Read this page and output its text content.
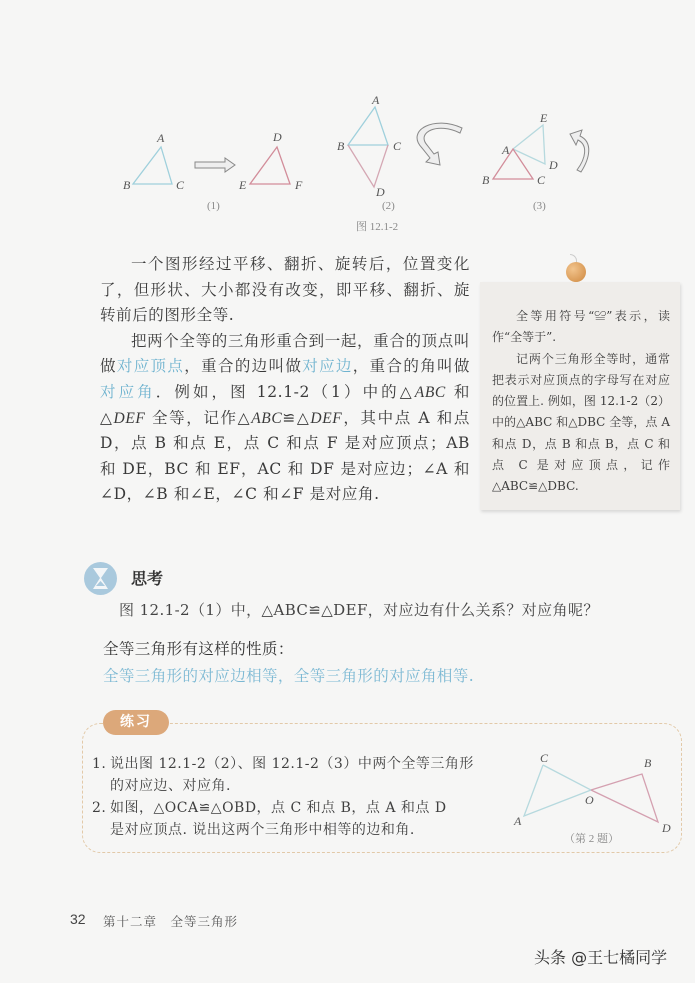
A
B	C
D
E	F
(1)
A
B	C
D
(2)
E
A
D
B	C
(3)
图 12.1-2

一个图形经过平移、翻折、旋转后，位置变化了，但形状、大小都没有改变，即平移、翻折、旋转前后的图形全等.

把两个全等的三角形重合到一起，重合的顶点叫做对应顶点，重合的边叫做对应边，重合的角叫做对应角．例如，图 12.1-2（1）中的△ABC 和△DEF 全等，记作△ABC≌△DEF，其中点 A 和点 D，点 B 和点 E，点 C 和点 F 是对应顶点；AB 和 DE，BC 和 EF，AC 和 DF 是对应边；∠A 和∠D，∠B 和∠E，∠C 和∠F 是对应角.

全等用符号“≌”表示，读作“全等于”.

记两个三角形全等时，通常把表示对应顶点的字母写在对应的位置上. 例如，图 12.1-2（2）中的△ABC 和△DBC 全等，点 A 和点 D，点 B 和点 B，点 C 和点 C 是对应顶点，记作△ABC≌△DBC.

思考
图 12.1-2（1）中，△ABC≌△DEF，对应边有什么关系？对应角呢？
全等三角形有这样的性质：
全等三角形的对应边相等，全等三角形的对应角相等.
练习
1. 说出图 12.1-2（2）、图 12.1-2（3）中两个全等三角形
的对应边、对应角.
2. 如图，△OCA≌△OBD，点 C 和点 B，点 A 和点 D
是对应顶点. 说出这两个三角形中相等的边和角.
C	B
O
A	D
（第 2 题）
32 第十二章　全等三角形
头条 @王七橘同学
